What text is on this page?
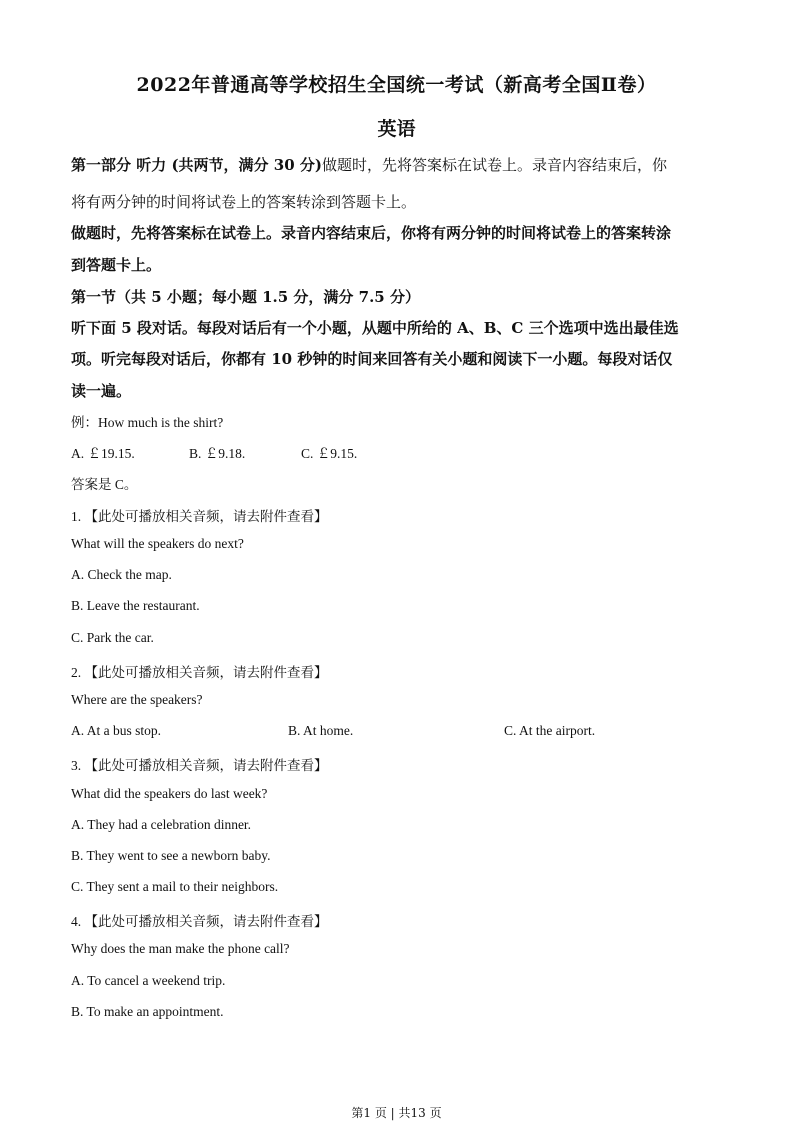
2022年普通高等学校招生全国统一考试（新高考全国Ⅱ卷）
英语
第一部分 听力 (共两节，满分 30 分)做题时，先将答案标在试卷上。录音内容结束后，你
将有两分钟的时间将试卷上的答案转涂到答题卡上。
做题时，先将答案标在试卷上。录音内容结束后，你将有两分钟的时间将试卷上的答案转涂
到答题卡上。
第一节（共 5 小题；每小题 1.5 分，满分 7.5 分）
听下面 5 段对话。每段对话后有一个小题，从题中所给的 A、B、C 三个选项中选出最佳选
项。听完每段对话后，你都有 10 秒钟的时间来回答有关小题和阅读下一小题。每段对话仅
读一遍。
例：How much is the shirt?
A. ￡19.15.	B. ￡9.18.	C. ￡9.15.
答案是 C。
1. 【此处可播放相关音频，请去附件查看】
What will the speakers do next?
A. Check the map.
B. Leave the restaurant.
C. Park the car.
2. 【此处可播放相关音频，请去附件查看】
Where are the speakers?
A. At a bus stop.	B. At home.	C. At the airport.
3. 【此处可播放相关音频，请去附件查看】
What did the speakers do last week?
A. They had a celebration dinner.
B. They went to see a newborn baby.
C. They sent a mail to their neighbors.
4. 【此处可播放相关音频，请去附件查看】
Why does the man make the phone call?
A. To cancel a weekend trip.
B. To make an appointment.
第1 页 | 共13 页
